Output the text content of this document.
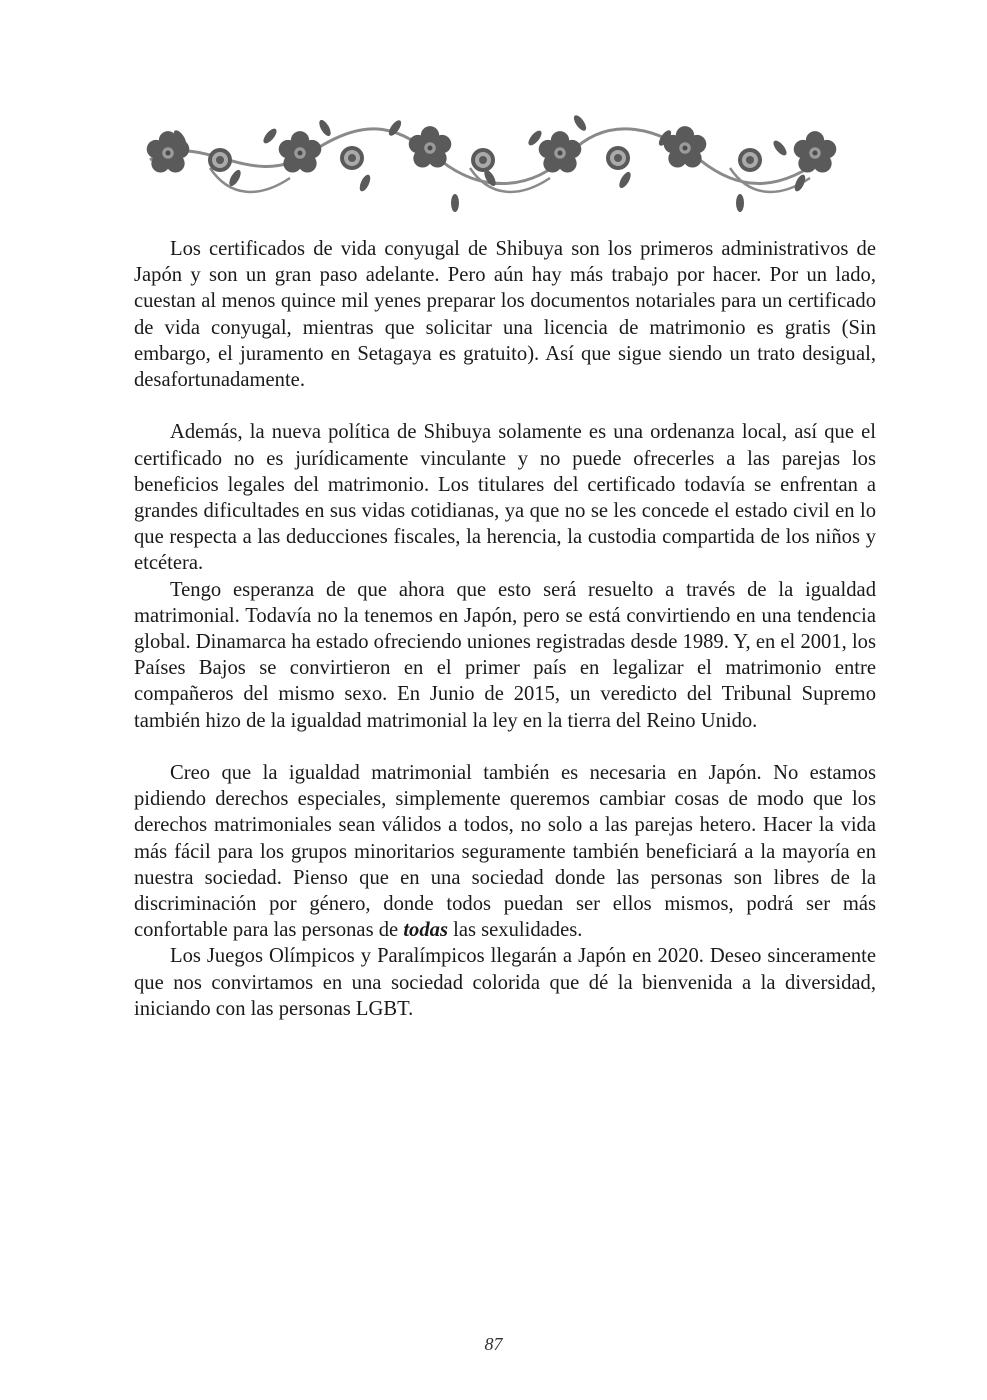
Los certificados de vida conyugal de Shibuya son los primeros administrativos de Japón y son un gran paso adelante. Pero aún hay más trabajo por hacer. Por un lado, cuestan al menos quince mil yenes preparar los documentos notariales para un certificado de vida conyugal, mientras que solicitar una licencia de matrimonio es gratis (Sin embargo, el juramento en Setagaya es gratuito). Así que sigue siendo un trato desigual, desafortunadamente.

Además, la nueva política de Shibuya solamente es una ordenanza local, así que el certificado no es jurídicamente vinculante y no puede ofrecerles a las parejas los beneficios legales del matrimonio. Los titulares del certificado todavía se enfrentan a grandes dificultades en sus vidas cotidianas, ya que no se les concede el estado civil en lo que respecta a las deducciones fiscales, la herencia, la custodia compartida de los niños y etcétera.

Tengo esperanza de que ahora que esto será resuelto a través de la igualdad matrimonial. Todavía no la tenemos en Japón, pero se está convirtiendo en una tendencia global. Dinamarca ha estado ofreciendo uniones registradas desde 1989. Y, en el 2001, los Países Bajos se convirtieron en el primer país en legalizar el matrimonio entre compañeros del mismo sexo. En Junio de 2015, un veredicto del Tribunal Supremo también hizo de la igualdad matrimonial la ley en la tierra del Reino Unido.

Creo que la igualdad matrimonial también es necesaria en Japón. No estamos pidiendo derechos especiales, simplemente queremos cambiar cosas de modo que los derechos matrimoniales sean válidos a todos, no solo a las parejas hetero. Hacer la vida más fácil para los grupos minoritarios seguramente también beneficiará a la mayoría en nuestra sociedad. Pienso que en una sociedad donde las personas son libres de la discriminación por género, donde todos puedan ser ellos mismos, podrá ser más confortable para las personas de todas las sexulidades.

Los Juegos Olímpicos y Paralímpicos llegarán a Japón en 2020. Deseo sinceramente que nos convirtamos en una sociedad colorida que dé la bienvenida a la diversidad, iniciando con las personas LGBT.

87
